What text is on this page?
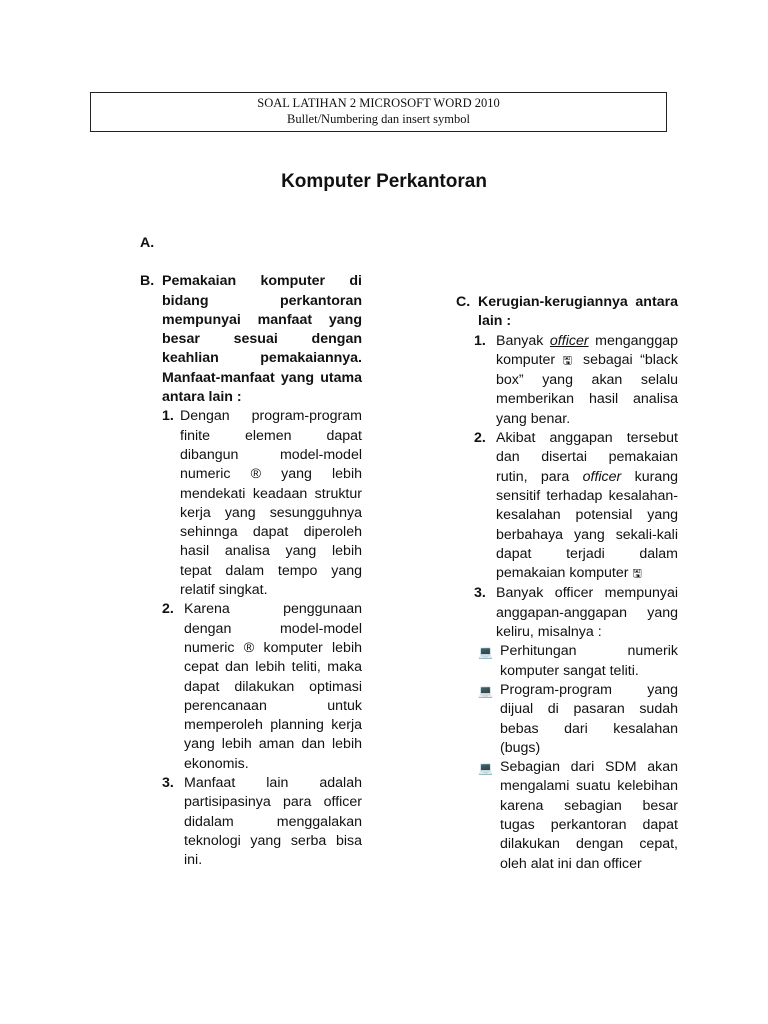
SOAL LATIHAN 2 MICROSOFT WORD 2010
Bullet/Numbering dan insert symbol
Komputer Perkantoran
A.
B. Pemakaian komputer di bidang perkantoran mempunyai manfaat yang besar sesuai dengan keahlian pemakaiannya. Manfaat-manfaat yang utama antara lain :
1. Dengan program-program finite elemen dapat dibangun model-model numeric ® yang lebih mendekati keadaan struktur kerja yang sesungguhnya sehinnga dapat diperoleh hasil analisa yang lebih tepat dalam tempo yang relatif singkat.
2. Karena penggunaan dengan model-model numeric ® komputer lebih cepat dan lebih teliti, maka dapat dilakukan optimasi perencanaan untuk memperoleh planning kerja yang lebih aman dan lebih ekonomis.
3. Manfaat lain adalah partisipasinya para officer didalam menggalakan teknologi yang serba bisa ini.
C. Kerugian-kerugiannya antara lain :
1. Banyak officer menganggap komputer 🖫 sebagai “black box” yang akan selalu memberikan hasil analisa yang benar.
2. Akibat anggapan tersebut dan disertai pemakaian rutin, para officer kurang sensitif terhadap kesalahan-kesalahan potensial yang berbahaya yang sekali-kali dapat terjadi dalam pemakaian komputer 🖫
3. Banyak officer mempunyai anggapan-anggapan yang keliru, misalnya :
💻 Perhitungan numerik komputer sangat teliti.
💻 Program-program yang dijual di pasaran sudah bebas dari kesalahan (bugs)
💻 Sebagian dari SDM akan mengalami suatu kelebihan karena sebagian besar tugas perkantoran dapat dilakukan dengan cepat, oleh alat ini dan officer
